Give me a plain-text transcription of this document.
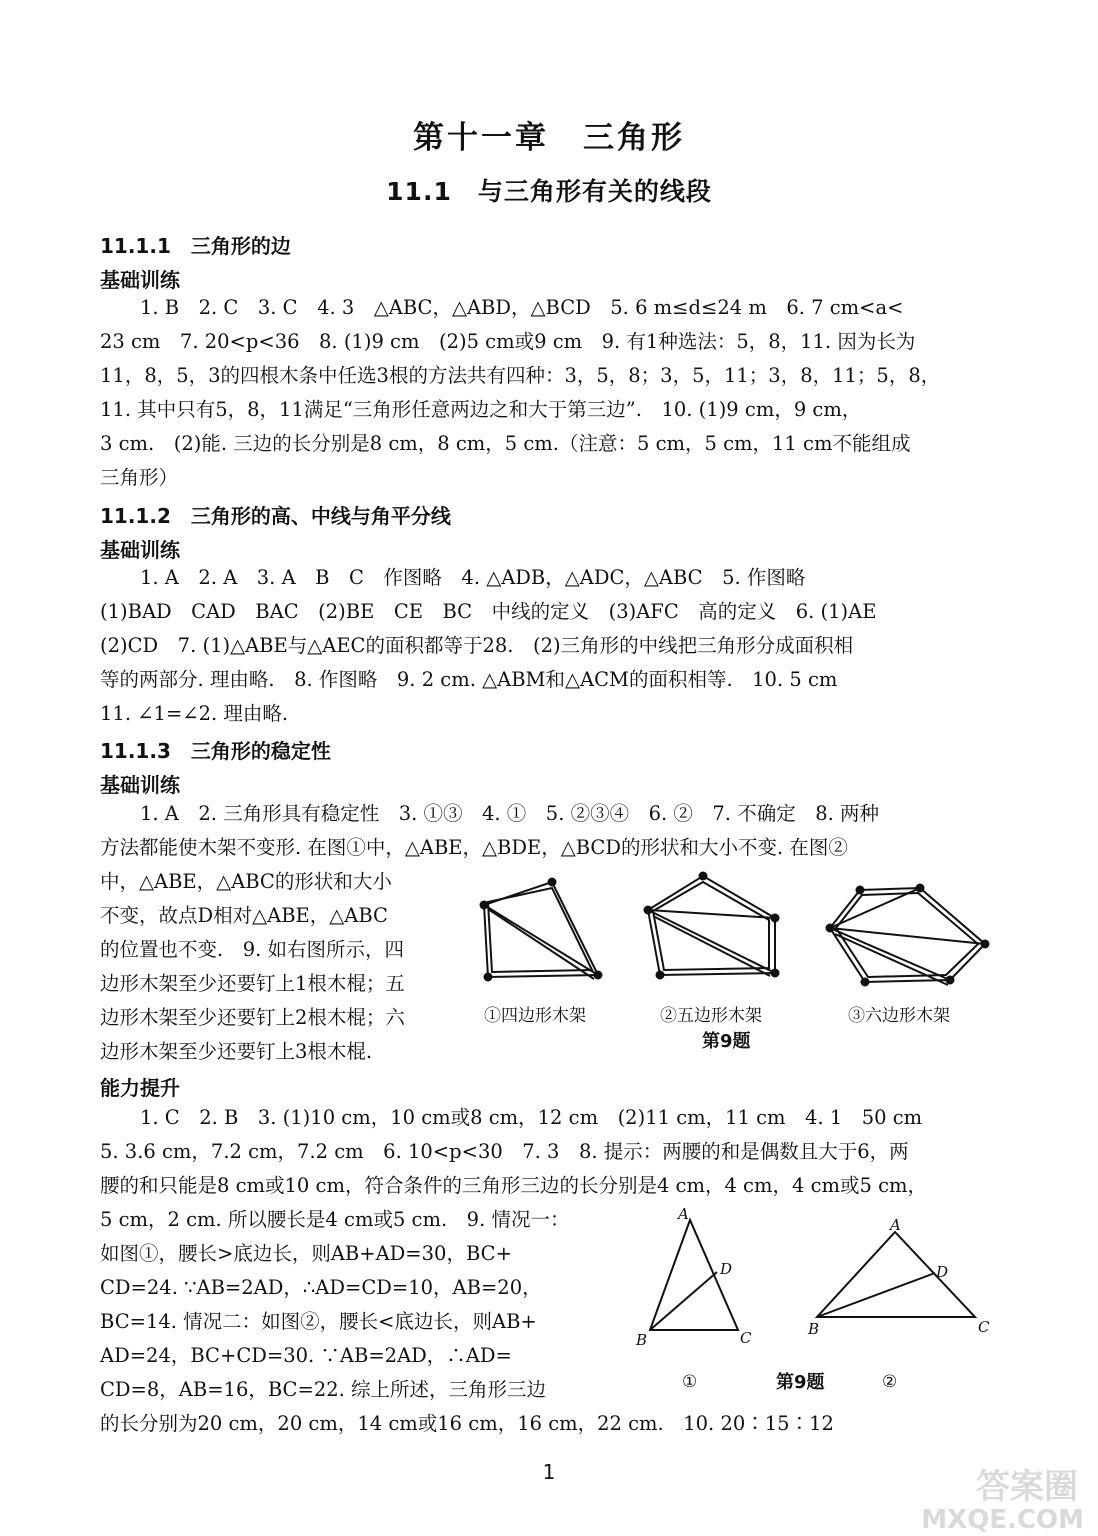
第十一章　三角形
11.1　与三角形有关的线段
11.1.1　三角形的边
基础训练
1. B　2. C　3. C　4. 3　△ABC，△ABD，△BCD　5. 6 m≤d≤24 m　6. 7 cm<a<
23 cm　7. 20<p<36　8. (1)9 cm　(2)5 cm或9 cm　9. 有1种选法：5，8，11. 因为长为
11，8，5，3的四根木条中任选3根的方法共有四种：3，5，8；3，5，11；3，8，11；5，8，
11. 其中只有5，8，11满足“三角形任意两边之和大于第三边”.　10. (1)9 cm，9 cm，
3 cm.　(2)能. 三边的长分别是8 cm，8 cm，5 cm.（注意：5 cm，5 cm，11 cm不能组成
三角形）
11.1.2　三角形的高、中线与角平分线
基础训练
1. A　2. A　3. A　B　C　作图略　4. △ADB，△ADC，△ABC　5. 作图略
(1)BAD　CAD　BAC　(2)BE　CE　BC　中线的定义　(3)AFC　高的定义　6. (1)AE
(2)CD　7. (1)△ABE与△AEC的面积都等于28.　(2)三角形的中线把三角形分成面积相
等的两部分. 理由略.　8. 作图略　9. 2 cm. △ABM和△ACM的面积相等.　10. 5 cm
11. ∠1=∠2. 理由略.
11.1.3　三角形的稳定性
基础训练
1. A　2. 三角形具有稳定性　3. ①③　4. ①　5. ②③④　6. ②　7. 不确定　8. 两种
方法都能使木架不变形. 在图①中，△ABE，△BDE，△BCD的形状和大小不变. 在图②
中，△ABE，△ABC的形状和大小
不变，故点D相对△ABE，△ABC
的位置也不变.　9. 如右图所示，四
边形木架至少还要钉上1根木棍；五
边形木架至少还要钉上2根木棍；六
边形木架至少还要钉上3根木棍.
①四边形木架	②五边形木架	③六边形木架
第9题
能力提升
1. C　2. B　3. (1)10 cm，10 cm或8 cm，12 cm　(2)11 cm，11 cm　4. 1　50 cm
5. 3.6 cm，7.2 cm，7.2 cm　6. 10<p<30　7. 3　8. 提示：两腰的和是偶数且大于6，两
腰的和只能是8 cm或10 cm，符合条件的三角形三边的长分别是4 cm，4 cm，4 cm或5 cm，
5 cm，2 cm. 所以腰长是4 cm或5 cm.　9. 情况一：
如图①，腰长>底边长，则AB+AD=30，BC+
CD=24. ∵AB=2AD，∴AD=CD=10，AB=20，
BC=14. 情况二：如图②，腰长<底边长，则AB+
AD=24，BC+CD=30. ∵AB=2AD，∴AD=
CD=8，AB=16，BC=22. 综上所述，三角形三边
的长分别为20 cm，20 cm，14 cm或16 cm，16 cm，22 cm.　10. 20∶15∶12
A
B	C
D
A
B	C
D
①	②
第9题
1	答案圈
MXQE.COM
